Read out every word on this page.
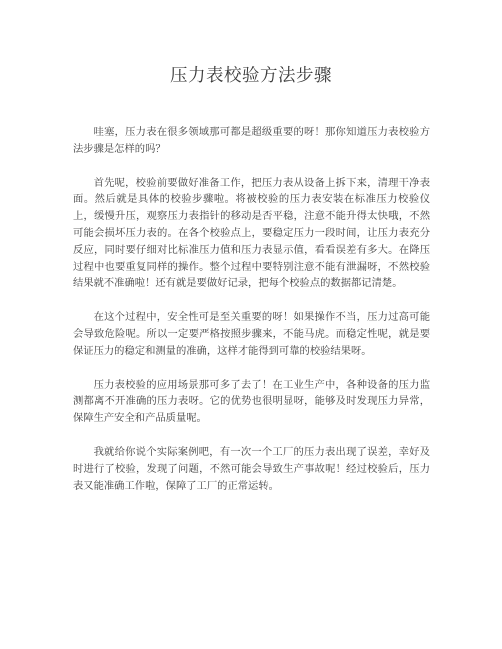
压力表校验方法步骤

哇塞，压力表在很多领域那可都是超级重要的呀！那你知道压力表校验方法步骤是怎样的吗？

首先呢，校验前要做好准备工作，把压力表从设备上拆下来，清理干净表面。然后就是具体的校验步骤啦。将被校验的压力表安装在标准压力校验仪上，缓慢升压，观察压力表指针的移动是否平稳，注意不能升得太快哦，不然可能会损坏压力表的。在各个校验点上，要稳定压力一段时间，让压力表充分反应，同时要仔细对比标准压力值和压力表显示值，看看误差有多大。在降压过程中也要重复同样的操作。整个过程中要特别注意不能有泄漏呀，不然校验结果就不准确啦！还有就是要做好记录，把每个校验点的数据都记清楚。

在这个过程中，安全性可是至关重要的呀！如果操作不当，压力过高可能会导致危险呢。所以一定要严格按照步骤来，不能马虎。而稳定性呢，就是要保证压力的稳定和测量的准确，这样才能得到可靠的校验结果呀。

压力表校验的应用场景那可多了去了！在工业生产中，各种设备的压力监测都离不开准确的压力表呀。它的优势也很明显呀，能够及时发现压力异常，保障生产安全和产品质量呢。

我就给你说个实际案例吧，有一次一个工厂的压力表出现了误差，幸好及时进行了校验，发现了问题，不然可能会导致生产事故呢！经过校验后，压力表又能准确工作啦，保障了工厂的正常运转。
